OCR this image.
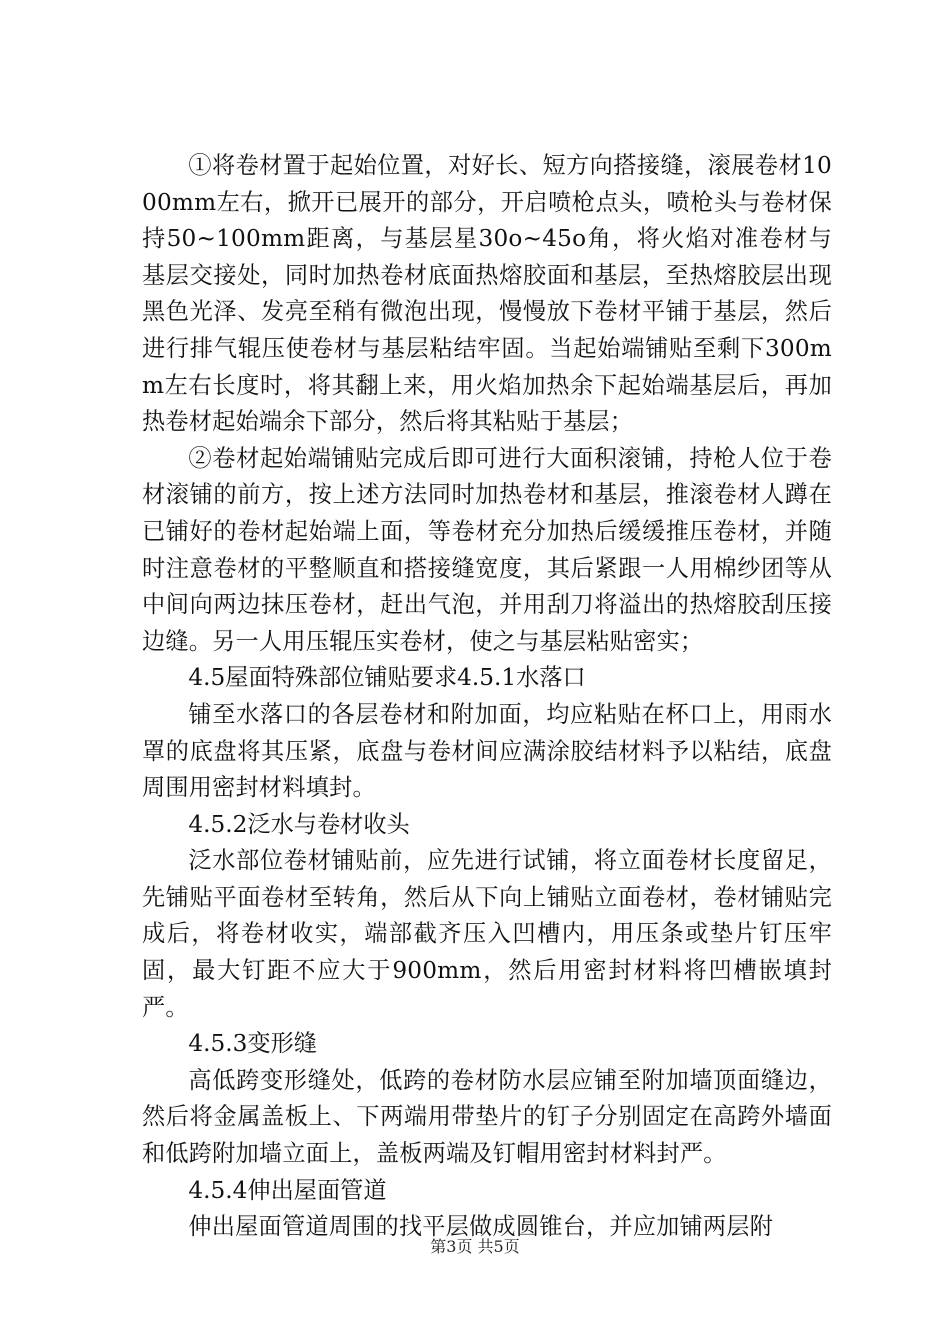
①将卷材置于起始位置，对好长、短方向搭接缝，滚展卷材1000mm左右，掀开已展开的部分，开启喷枪点头，喷枪头与卷材保持50~100mm距离，与基层星30o~45o角，将火焰对准卷材与基层交接处，同时加热卷材底面热熔胶面和基层，至热熔胶层出现黑色光泽、发亮至稍有微泡出现，慢慢放下卷材平铺于基层，然后进行排气辊压使卷材与基层粘结牢固。当起始端铺贴至剩下300mm左右长度时，将其翻上来，用火焰加热余下起始端基层后，再加热卷材起始端余下部分，然后将其粘贴于基层；

②卷材起始端铺贴完成后即可进行大面积滚铺，持枪人位于卷材滚铺的前方，按上述方法同时加热卷材和基层，推滚卷材人蹲在已铺好的卷材起始端上面，等卷材充分加热后缓缓推压卷材，并随时注意卷材的平整顺直和搭接缝宽度，其后紧跟一人用棉纱团等从中间向两边抹压卷材，赶出气泡，并用刮刀将溢出的热熔胶刮压接边缝。另一人用压辊压实卷材，使之与基层粘贴密实；

4.5屋面特殊部位铺贴要求4.5.1水落口

铺至水落口的各层卷材和附加面，均应粘贴在杯口上，用雨水罩的底盘将其压紧，底盘与卷材间应满涂胶结材料予以粘结，底盘周围用密封材料填封。

4.5.2泛水与卷材收头

泛水部位卷材铺贴前，应先进行试铺，将立面卷材长度留足，先铺贴平面卷材至转角，然后从下向上铺贴立面卷材，卷材铺贴完成后，将卷材收实，端部截齐压入凹槽内，用压条或垫片钉压牢固，最大钉距不应大于900mm，然后用密封材料将凹槽嵌填封严。

4.5.3变形缝

高低跨变形缝处，低跨的卷材防水层应铺至附加墙顶面缝边，然后将金属盖板上、下两端用带垫片的钉子分别固定在高跨外墙面和低跨附加墙立面上，盖板两端及钉帽用密封材料封严。

4.5.4伸出屋面管道

伸出屋面管道周围的找平层做成圆锥台，并应加铺两层附

第3页 共5页
